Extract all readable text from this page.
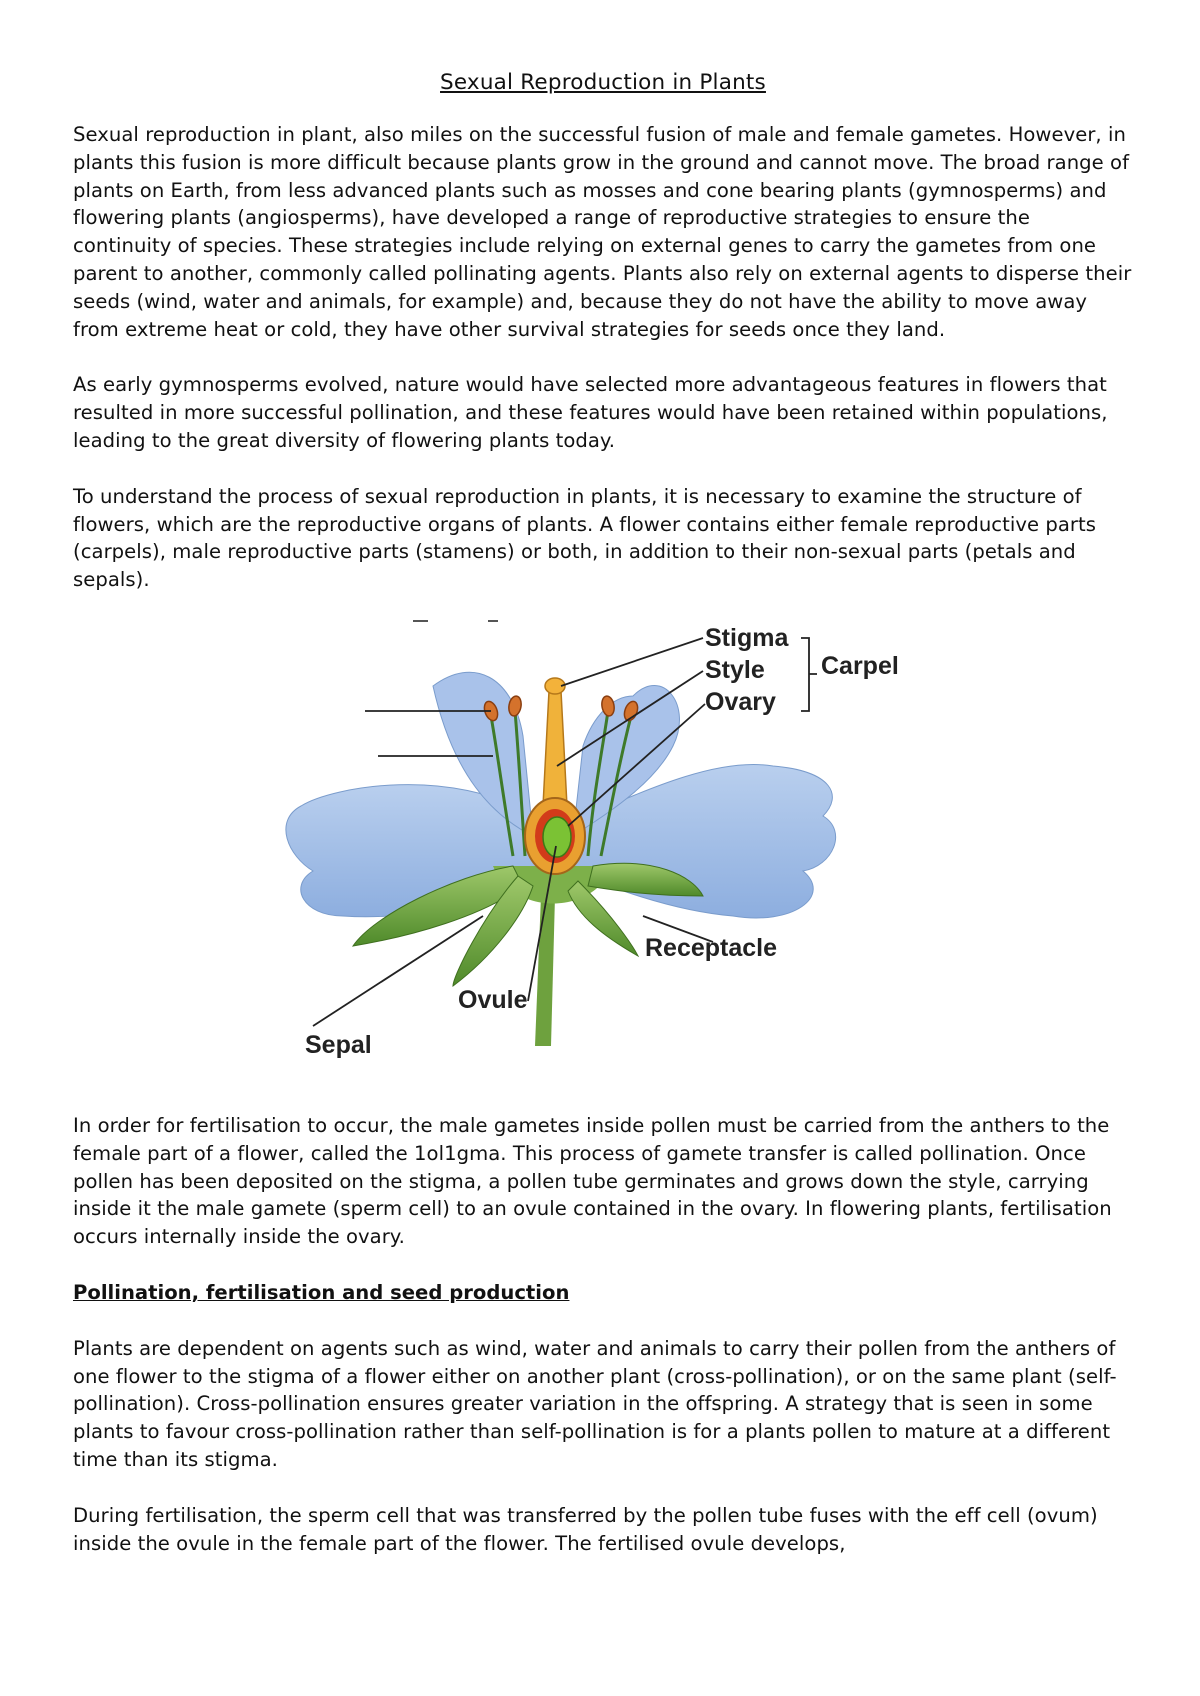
Sexual Reproduction in Plants

Sexual reproduction in plant, also miles on the successful fusion of male and female gametes. However, in plants this fusion is more difficult because plants grow in the ground and cannot move. The broad range of plants on Earth, from less advanced plants such as mosses and cone bearing plants (gymnosperms) and flowering plants (angiosperms), have developed a range of reproductive strategies to ensure the continuity of species. These strategies include relying on external genes to carry the gametes from one parent to another, commonly called pollinating agents. Plants also rely on external agents to disperse their seeds (wind, water and animals, for example) and, because they do not have the ability to move away from extreme heat or cold, they have other survival strategies for seeds once they land.

As early gymnosperms evolved, nature would have selected more advantageous features in flowers that resulted in more successful pollination, and these features would have been retained within populations, leading to the great diversity of flowering plants today.

To understand the process of sexual reproduction in plants, it is necessary to examine the structure of flowers, which are the reproductive organs of plants. A flower contains either female reproductive parts (carpels), male reproductive parts (stamens) or both, in addition to their non-sexual parts (petals and sepals).

Stigma
Style
Ovary
Carpel
Receptacle
Ovule
Sepal

In order for fertilisation to occur, the male gametes inside pollen must be carried from the anthers to the female part of a flower, called the 1ol1gma. This process of gamete transfer is called pollination. Once pollen has been deposited on the stigma, a pollen tube germinates and grows down the style, carrying inside it the male gamete (sperm cell) to an ovule contained in the ovary. In flowering plants, fertilisation occurs internally inside the ovary.

Pollination, fertilisation and seed production

Plants are dependent on agents such as wind, water and animals to carry their pollen from the anthers of one flower to the stigma of a flower either on another plant (cross-pollination), or on the same plant (self-pollination). Cross-pollination ensures greater variation in the offspring. A strategy that is seen in some plants to favour cross-pollination rather than self-pollination is for a plants pollen to mature at a different time than its stigma.

During fertilisation, the sperm cell that was transferred by the pollen tube fuses with the eff cell (ovum) inside the ovule in the female part of the flower. The fertilised ovule develops,
